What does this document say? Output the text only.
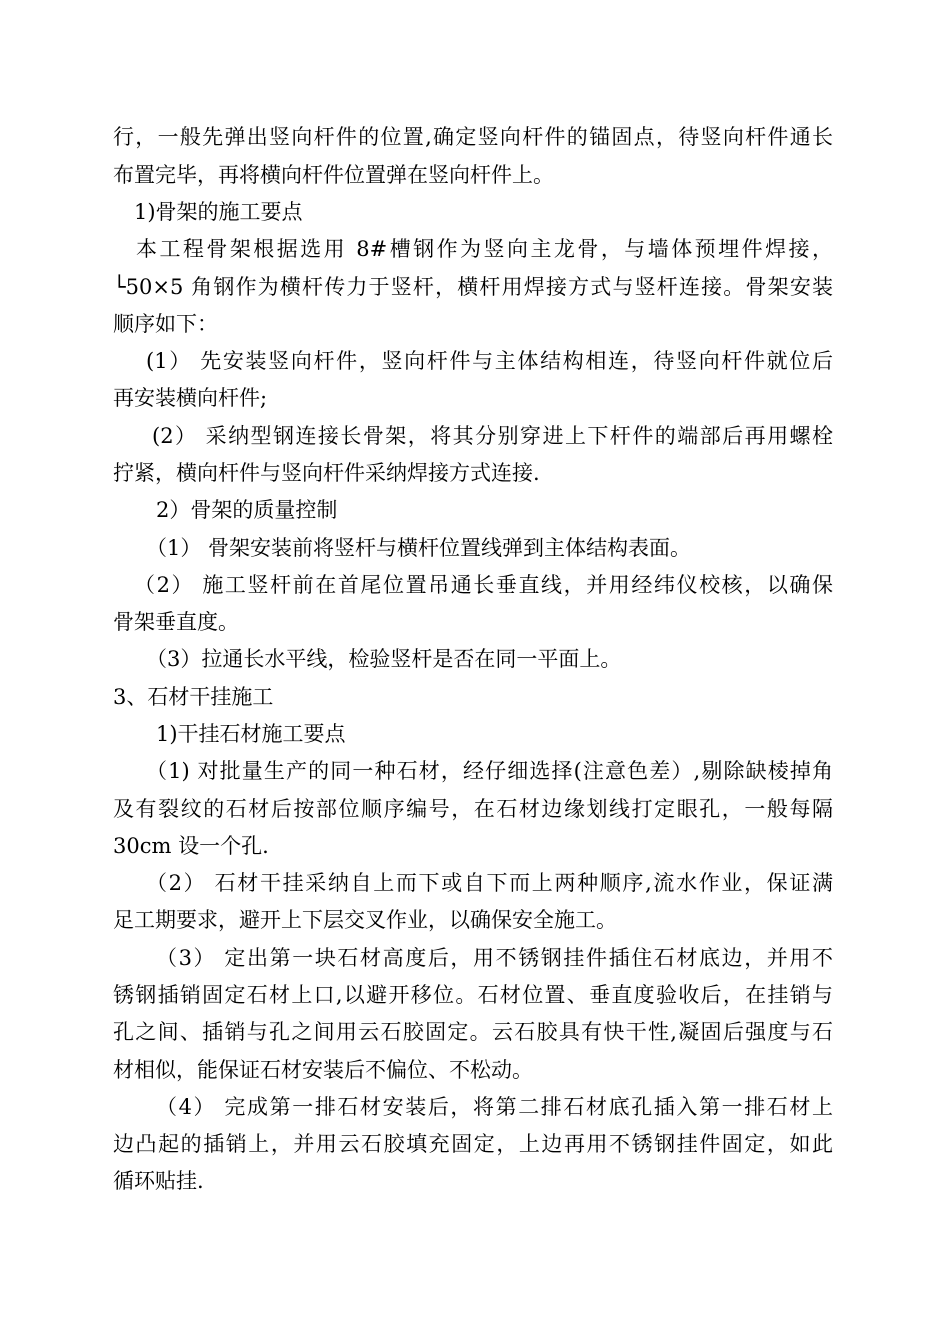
行，一般先弹出竖向杆件的位置,确定竖向杆件的锚固点，待竖向杆件通长

布置完毕，再将横向杆件位置弹在竖向杆件上。

1)骨架的施工要点

本工程骨架根据选用 8#槽钢作为竖向主龙骨，与墙体预埋件焊接，

└50×5 角钢作为横杆传力于竖杆，横杆用焊接方式与竖杆连接。骨架安装

顺序如下：

(1） 先安装竖向杆件，竖向杆件与主体结构相连，待竖向杆件就位后

再安装横向杆件;

(2） 采纳型钢连接长骨架，将其分别穿进上下杆件的端部后再用螺栓

拧紧，横向杆件与竖向杆件采纳焊接方式连接.

2）骨架的质量控制

（1） 骨架安装前将竖杆与横杆位置线弹到主体结构表面。

（2） 施工竖杆前在首尾位置吊通长垂直线，并用经纬仪校核，以确保

骨架垂直度。

（3）拉通长水平线，检验竖杆是否在同一平面上。

3、石材干挂施工

1)干挂石材施工要点

（1) 对批量生产的同一种石材，经仔细选择(注意色差）,剔除缺棱掉角

及有裂纹的石材后按部位顺序编号，在石材边缘划线打定眼孔，一般每隔

30cm 设一个孔.

（2） 石材干挂采纳自上而下或自下而上两种顺序,流水作业，保证满

足工期要求，避开上下层交叉作业，以确保安全施工。

（3） 定出第一块石材高度后，用不锈钢挂件插住石材底边，并用不

锈钢插销固定石材上口,以避开移位。石材位置、垂直度验收后，在挂销与

孔之间、插销与孔之间用云石胶固定。云石胶具有快干性,凝固后强度与石

材相似，能保证石材安装后不偏位、不松动。

（4） 完成第一排石材安装后，将第二排石材底孔插入第一排石材上

边凸起的插销上，并用云石胶填充固定，上边再用不锈钢挂件固定，如此

循环贴挂.
